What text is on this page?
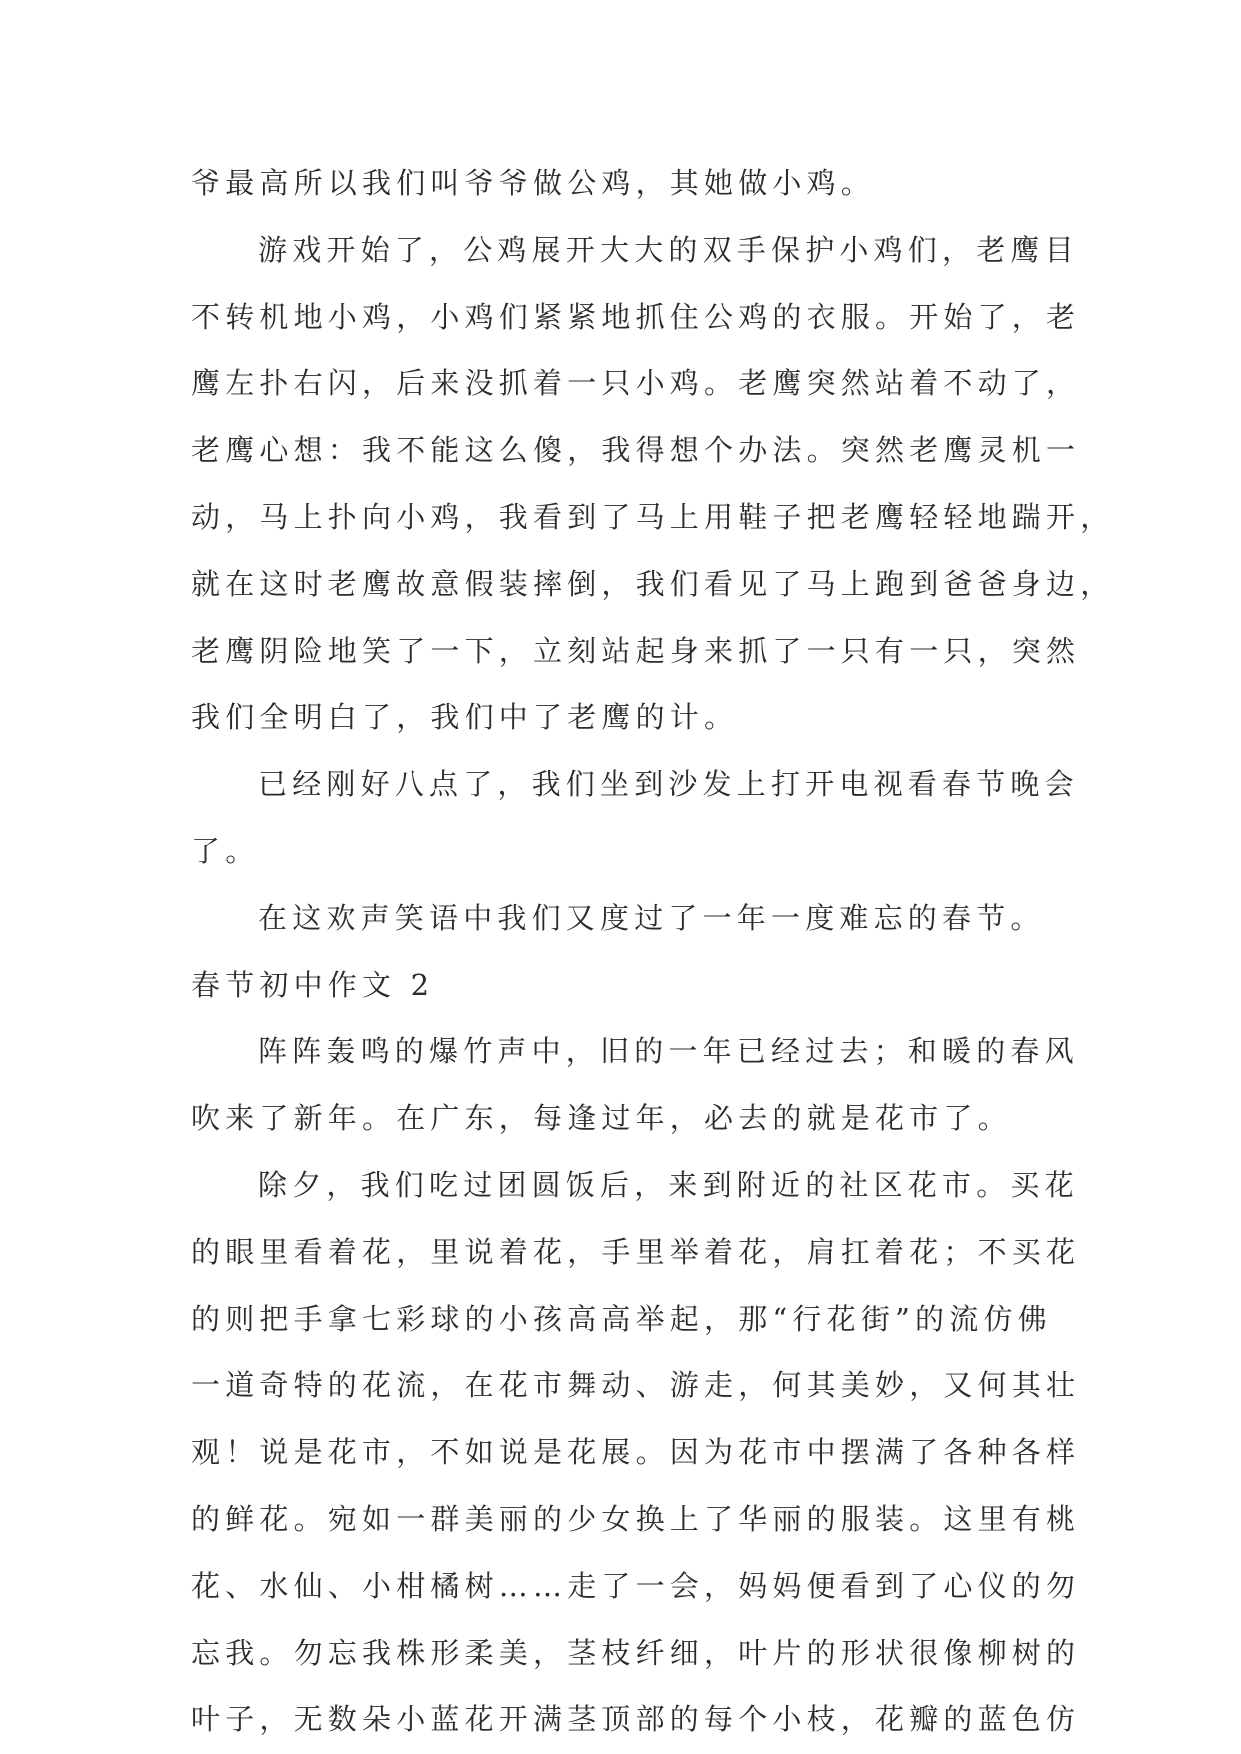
爷最高所以我们叫爷爷做公鸡，其她做小鸡。
游戏开始了，公鸡展开大大的双手保护小鸡们，老鹰目
不转机地小鸡，小鸡们紧紧地抓住公鸡的衣服。开始了，老
鹰左扑右闪，后来没抓着一只小鸡。老鹰突然站着不动了，
老鹰心想：我不能这么傻，我得想个办法。突然老鹰灵机一
动，马上扑向小鸡，我看到了马上用鞋子把老鹰轻轻地踹开，
就在这时老鹰故意假装摔倒，我们看见了马上跑到爸爸身边，
老鹰阴险地笑了一下，立刻站起身来抓了一只有一只，突然
我们全明白了，我们中了老鹰的计。
已经刚好八点了，我们坐到沙发上打开电视看春节晚会
了。
在这欢声笑语中我们又度过了一年一度难忘的春节。
春节初中作文 2
阵阵轰鸣的爆竹声中，旧的一年已经过去；和暖的春风
吹来了新年。在广东，每逢过年，必去的就是花市了。
除夕，我们吃过团圆饭后，来到附近的社区花市。买花
的眼里看着花，里说着花，手里举着花，肩扛着花；不买花
的则把手拿七彩球的小孩高高举起，那“行花街”的流仿佛
一道奇特的花流，在花市舞动、游走，何其美妙，又何其壮
观！说是花市，不如说是花展。因为花市中摆满了各种各样
的鲜花。宛如一群美丽的少女换上了华丽的服装。这里有桃
花、水仙、小柑橘树……走了一会，妈妈便看到了心仪的勿
忘我。勿忘我株形柔美，茎枝纤细，叶片的形状很像柳树的
叶子，无数朵小蓝花开满茎顶部的每个小枝，花瓣的蓝色仿
